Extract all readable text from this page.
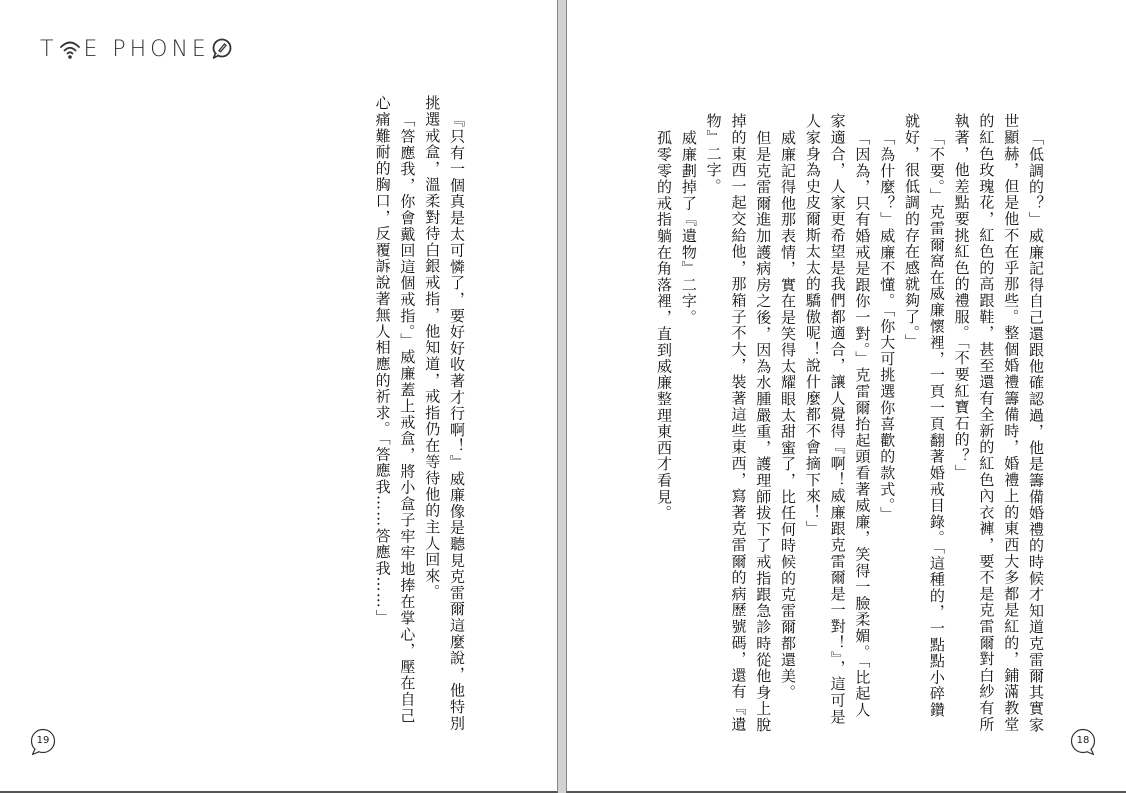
T E PHONE

『只有一個真是太可憐了，要好好收著才行啊！』威廉像是聽見克雷爾這麼說，他特別挑選戒盒，溫柔對待白銀戒指，他知道，戒指仍在等待他的主人回來。

「答應我，你會戴回這個戒指。」威廉蓋上戒盒，將小盒子牢牢地捧在掌心，壓在自己心痛難耐的胸口，反覆訴說著無人相應的祈求。「答應我……答應我……」

19

「低調的？」威廉記得自己還跟他確認過，他是籌備婚禮的時候才知道克雷爾其實家世顯赫，但是他不在乎那些。整個婚禮籌備時，婚禮上的東西大多都是紅的，鋪滿教堂的紅色玫瑰花，紅色的高跟鞋，甚至還有全新的紅色內衣褲，要不是克雷爾對白紗有所執著，他差點要挑紅色的禮服。「不要紅寶石的？」

「不要。」克雷爾窩在威廉懷裡，一頁一頁翻著婚戒目錄。「這種的，一點點小碎鑽就好，很低調的存在感就夠了。」

「為什麼？」威廉不懂。「你大可挑選你喜歡的款式。」

「因為，只有婚戒是跟你一對。」克雷爾抬起頭看著威廉，笑得一臉柔媚。「比起人家適合，人家更希望是我們都適合，讓人覺得『啊！威廉跟克雷爾是一對！』，這可是人家身為史皮爾斯太太的驕傲呢！說什麼都不會摘下來！」

威廉記得他那表情，實在是笑得太耀眼太甜蜜了，比任何時候的克雷爾都還美。

但是克雷爾進加護病房之後，因為水腫嚴重，護理師拔下了戒指跟急診時從他身上脫掉的東西一起交給他，那箱子不大，裝著這些東西，寫著克雷爾的病歷號碼，還有『遺物』二字。

威廉劃掉了『遺物』二字。

孤零零的戒指躺在角落裡，直到威廉整理東西才看見。

18
